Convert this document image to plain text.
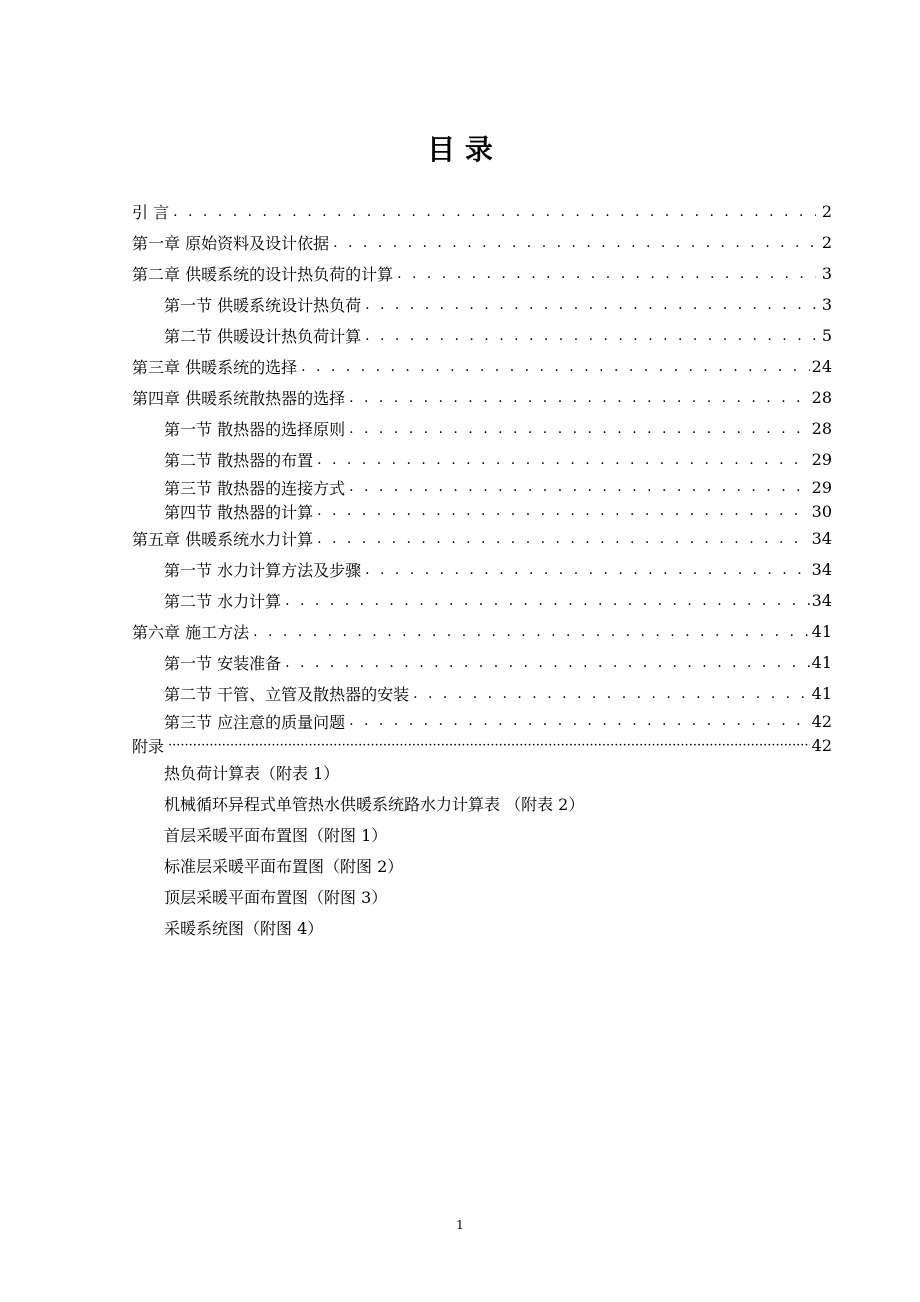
目 录
引 言 . . .	2
第一章 原始资料及设计依据 . . .	2
第二章 供暖系统的设计热负荷的计算 . . .	3
第一节 供暖系统设计热负荷 . . .	3
第二节 供暖设计热负荷计算 . . .	5
第三章 供暖系统的选择 . . .	24
第四章 供暖系统散热器的选择 . . .	28
第一节 散热器的选择原则 . . .	28
第二节 散热器的布置 . . .	29
第三节 散热器的连接方式 . . .	29
第四节 散热器的计算 . . .	30
第五章 供暖系统水力计算 . . .	34
第一节 水力计算方法及步骤 . . .	34
第二节 水力计算 . . .	34
第六章 施工方法 . . .	41
第一节 安装准备 . . .	41
第二节 干管、立管及散热器的安装 . . .	41
第三节 应注意的质量问题 . . .	42
附录 ·····	42
热负荷计算表（附表 1）
机械循环异程式单管热水供暖系统路水力计算表 （附表 2）
首层采暖平面布置图（附图 1）
标准层采暖平面布置图（附图 2）
顶层采暖平面布置图（附图 3）
采暖系统图（附图 4）
1
